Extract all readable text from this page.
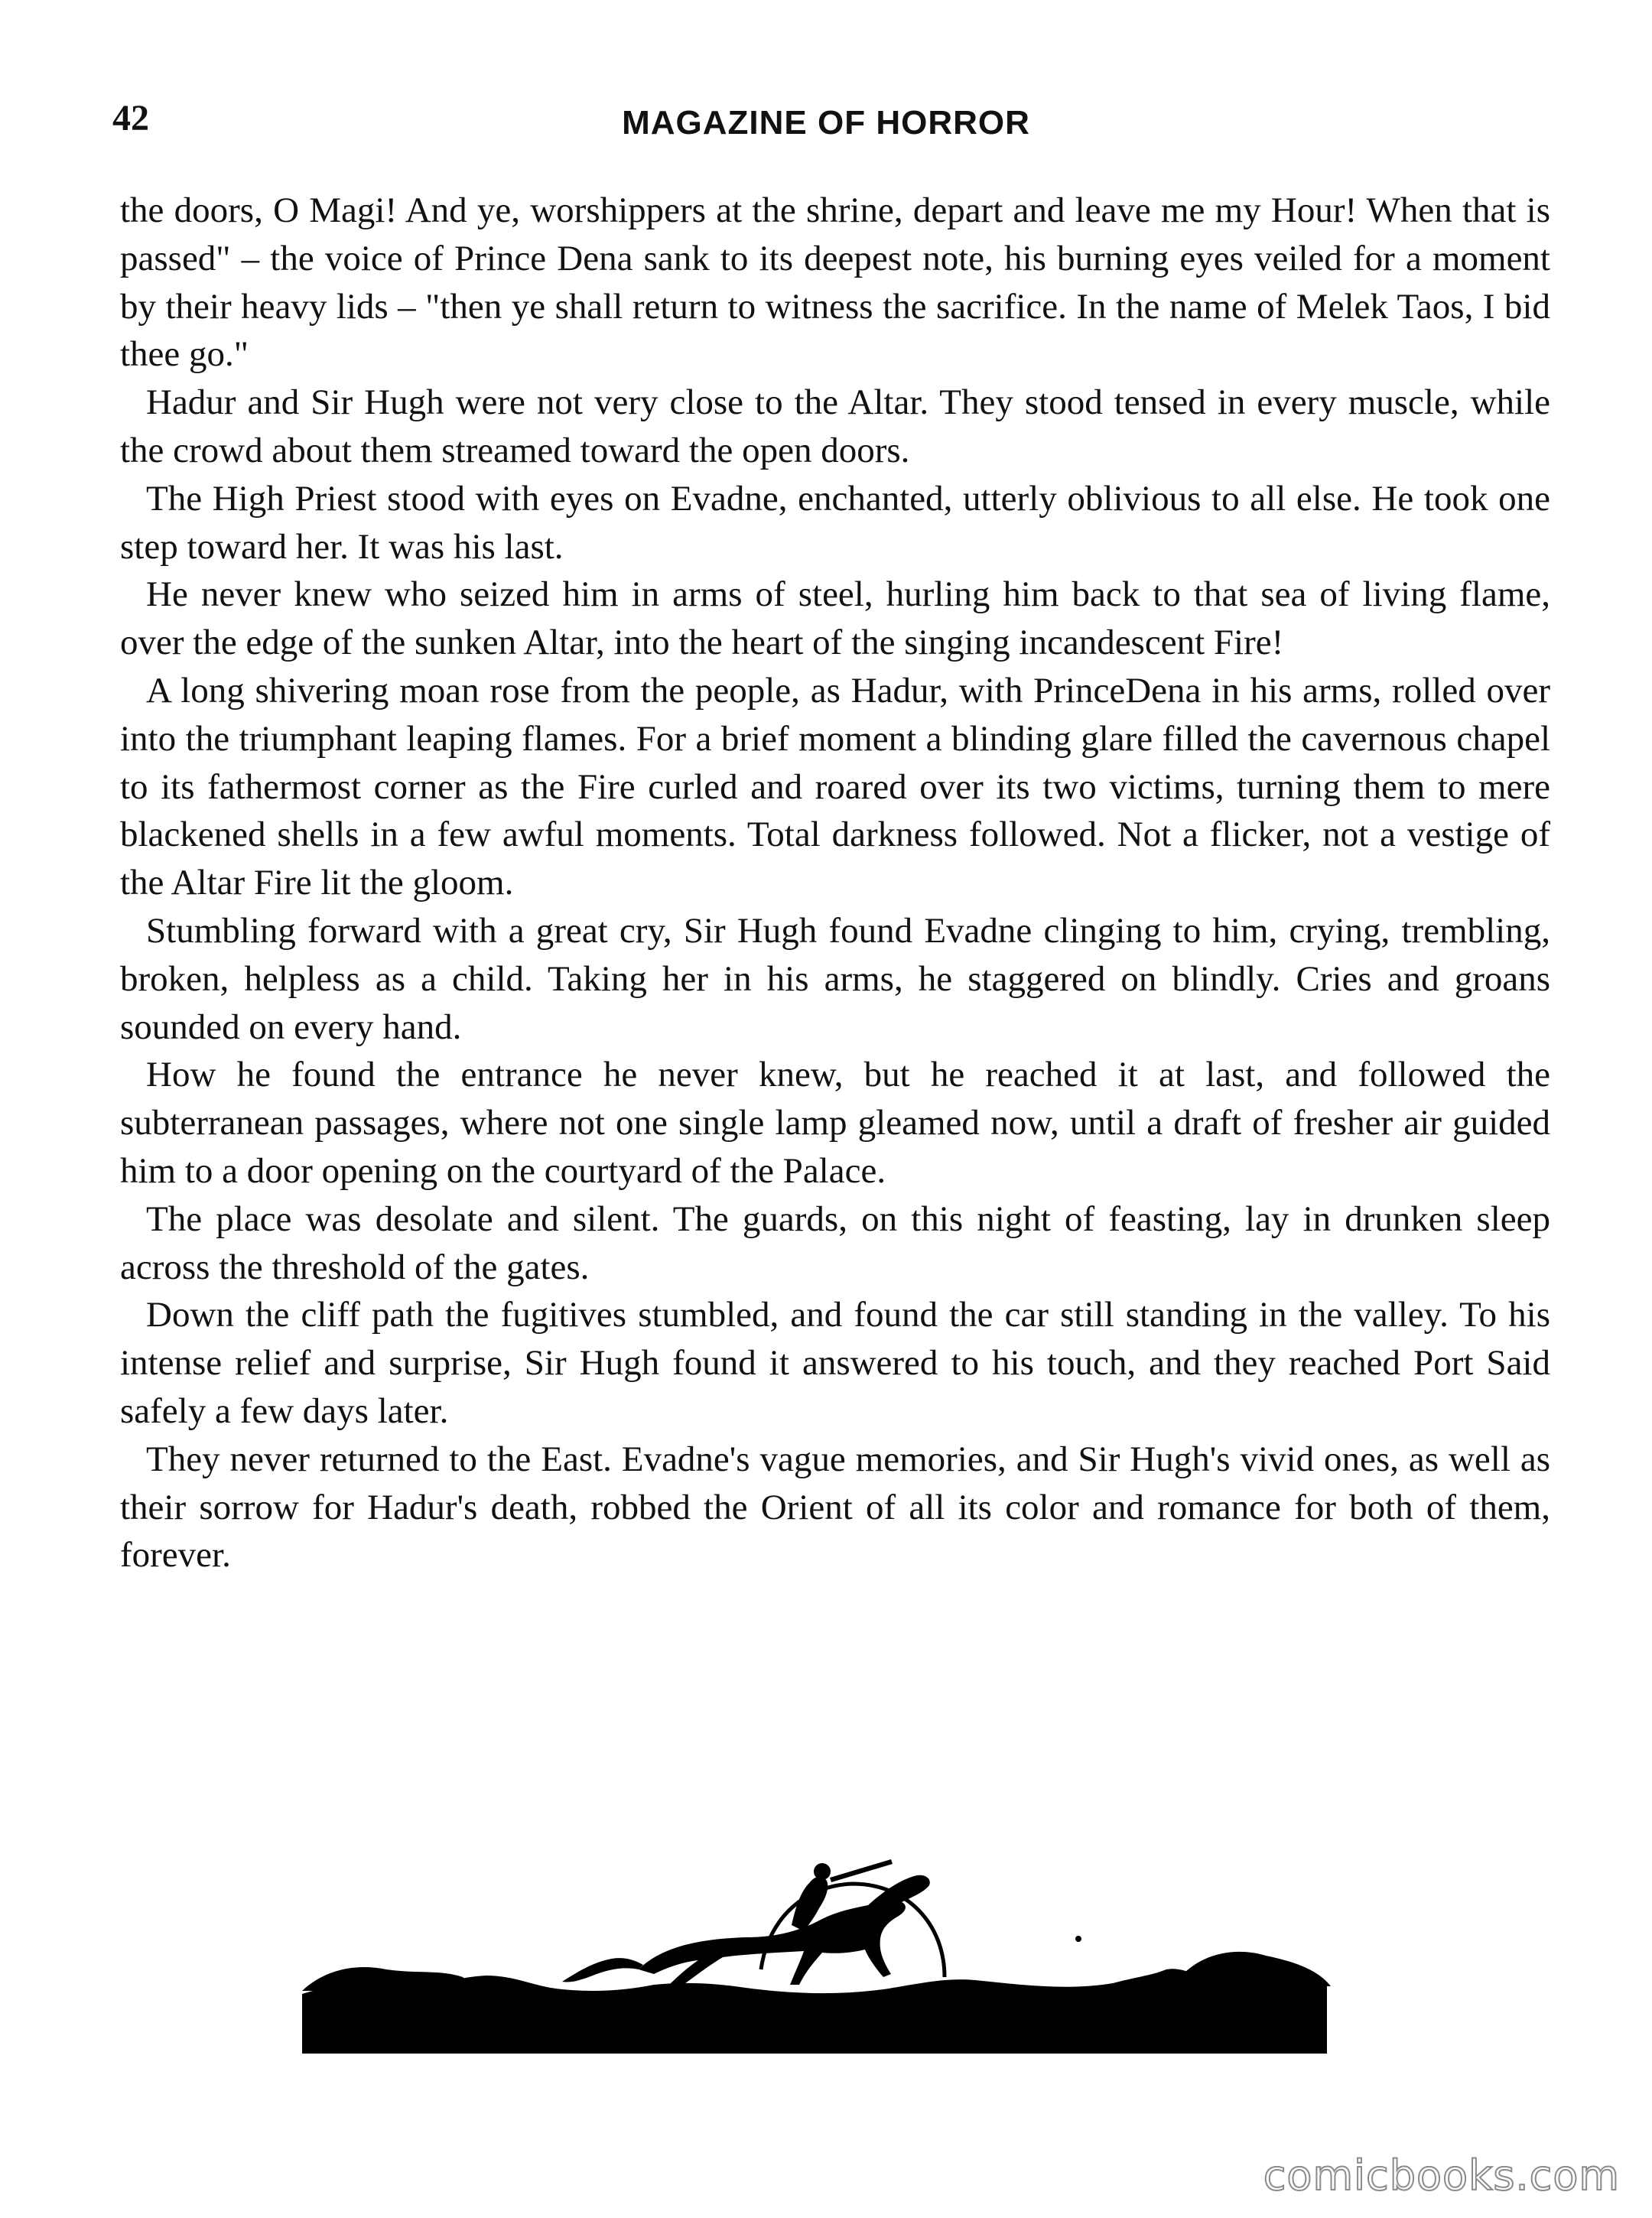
42	MAGAZINE OF HORROR

the doors, O Magi! And ye, worshippers at the shrine, depart and leave me my Hour! When that is passed" – the voice of Prince Dena sank to its deepest note, his burning eyes veiled for a moment by their heavy lids – "then ye shall return to witness the sacrifice. In the name of Melek Taos, I bid thee go."

Hadur and Sir Hugh were not very close to the Altar. They stood tensed in every muscle, while the crowd about them streamed toward the open doors.

The High Priest stood with eyes on Evadne, enchanted, utterly oblivious to all else. He took one step toward her. It was his last.

He never knew who seized him in arms of steel, hurling him back to that sea of living flame, over the edge of the sunken Altar, into the heart of the singing incandescent Fire!

A long shivering moan rose from the people, as Hadur, with PrinceDena in his arms, rolled over into the triumphant leaping flames. For a brief moment a blinding glare filled the cavernous chapel to its fathermost corner as the Fire curled and roared over its two victims, turning them to mere blackened shells in a few awful moments. Total darkness followed. Not a flicker, not a vestige of the Altar Fire lit the gloom.

Stumbling forward with a great cry, Sir Hugh found Evadne clinging to him, crying, trembling, broken, helpless as a child. Taking her in his arms, he staggered on blindly. Cries and groans sounded on every hand.

How he found the entrance he never knew, but he reached it at last, and followed the subterranean passages, where not one single lamp gleamed now, until a draft of fresher air guided him to a door opening on the courtyard of the Palace.

The place was desolate and silent. The guards, on this night of feasting, lay in drunken sleep across the threshold of the gates.

Down the cliff path the fugitives stumbled, and found the car still standing in the valley. To his intense relief and surprise, Sir Hugh found it answered to his touch, and they reached Port Said safely a few days later.

They never returned to the East. Evadne's vague memories, and Sir Hugh's vivid ones, as well as their sorrow for Hadur's death, robbed the Orient of all its color and romance for both of them, forever.

comicbooks.com
